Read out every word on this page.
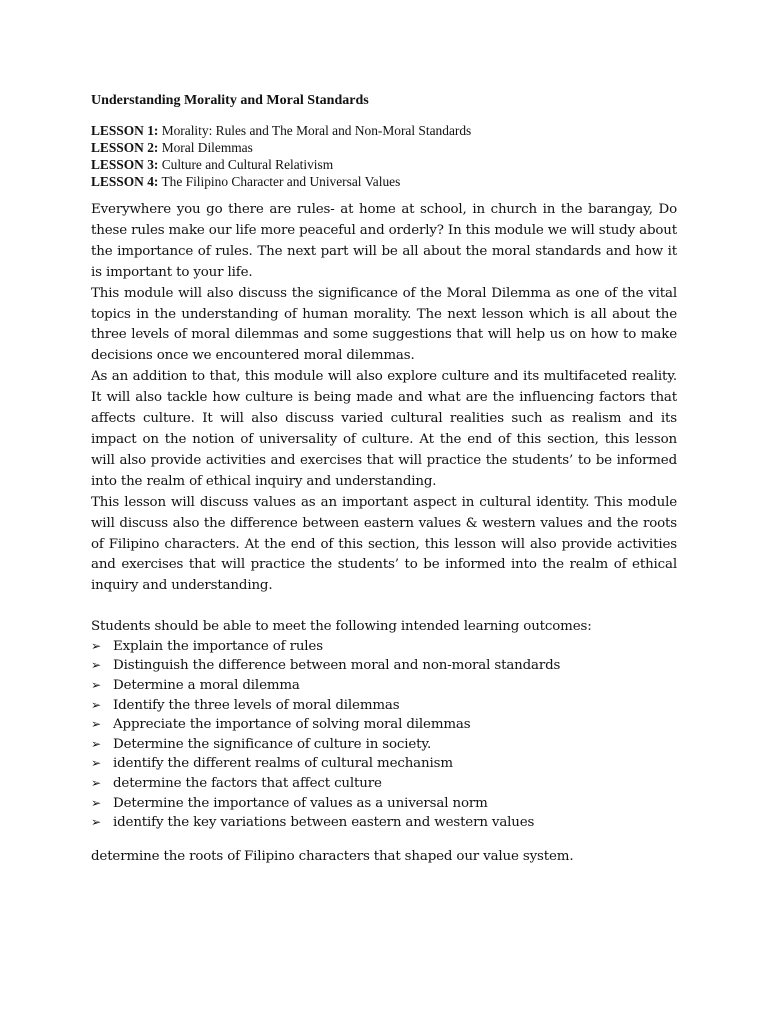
Understanding Morality and Moral Standards
LESSON 1: Morality: Rules and The Moral and Non-Moral Standards
LESSON 2: Moral Dilemmas
LESSON 3: Culture and Cultural Relativism
LESSON 4: The Filipino Character and Universal Values

Everywhere you go there are rules- at home at school, in church in the barangay, Do these rules make our life more peaceful and orderly? In this module we will study about the importance of rules. The next part will be all about the moral standards and how it is important to your life.

This module will also discuss the significance of the Moral Dilemma as one of the vital topics in the understanding of human morality. The next lesson which is all about the three levels of moral dilemmas and some suggestions that will help us on how to make decisions once we encountered moral dilemmas.

As an addition to that, this module will also explore culture and its multifaceted reality. It will also tackle how culture is being made and what are the influencing factors that affects culture. It will also discuss varied cultural realities such as realism and its impact on the notion of universality of culture. At the end of this section, this lesson will also provide activities and exercises that will practice the students’ to be informed into the realm of ethical inquiry and understanding.

This lesson will discuss values as an important aspect in cultural identity. This module will discuss also the difference between eastern values & western values and the roots of Filipino characters. At the end of this section, this lesson will also provide activities and exercises that will practice the students’ to be informed into the realm of ethical inquiry and understanding.

Students should be able to meet the following intended learning outcomes:
➢ Explain the importance of rules
➢ Distinguish the difference between moral and non-moral standards
➢ Determine a moral dilemma
➢ Identify the three levels of moral dilemmas
➢ Appreciate the importance of solving moral dilemmas
➢ Determine the significance of culture in society.
➢ identify the different realms of cultural mechanism
➢ determine the factors that affect culture
➢ Determine the importance of values as a universal norm
➢ identify the key variations between eastern and western values
determine the roots of Filipino characters that shaped our value system.
